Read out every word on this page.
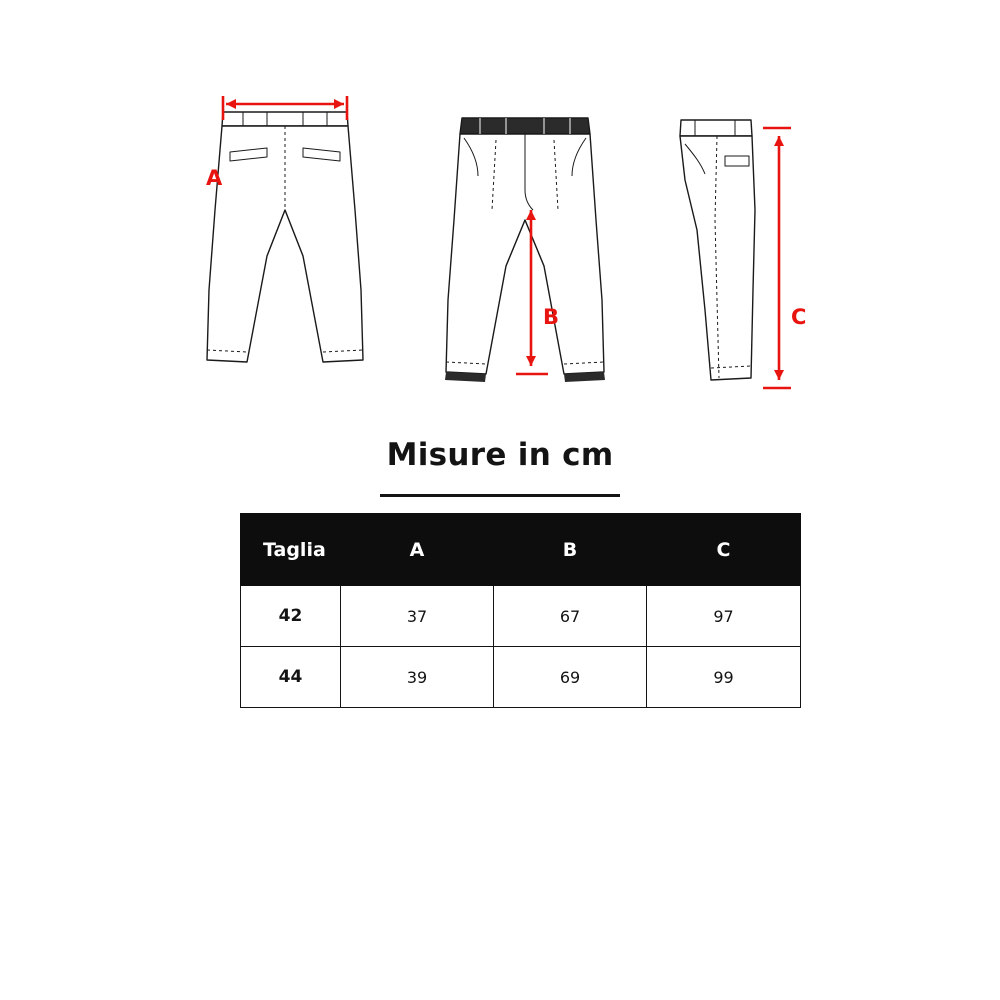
A
B	C
Misure in cm
Taglia	A	B	C
42	37	67	97
44	39	69	99
